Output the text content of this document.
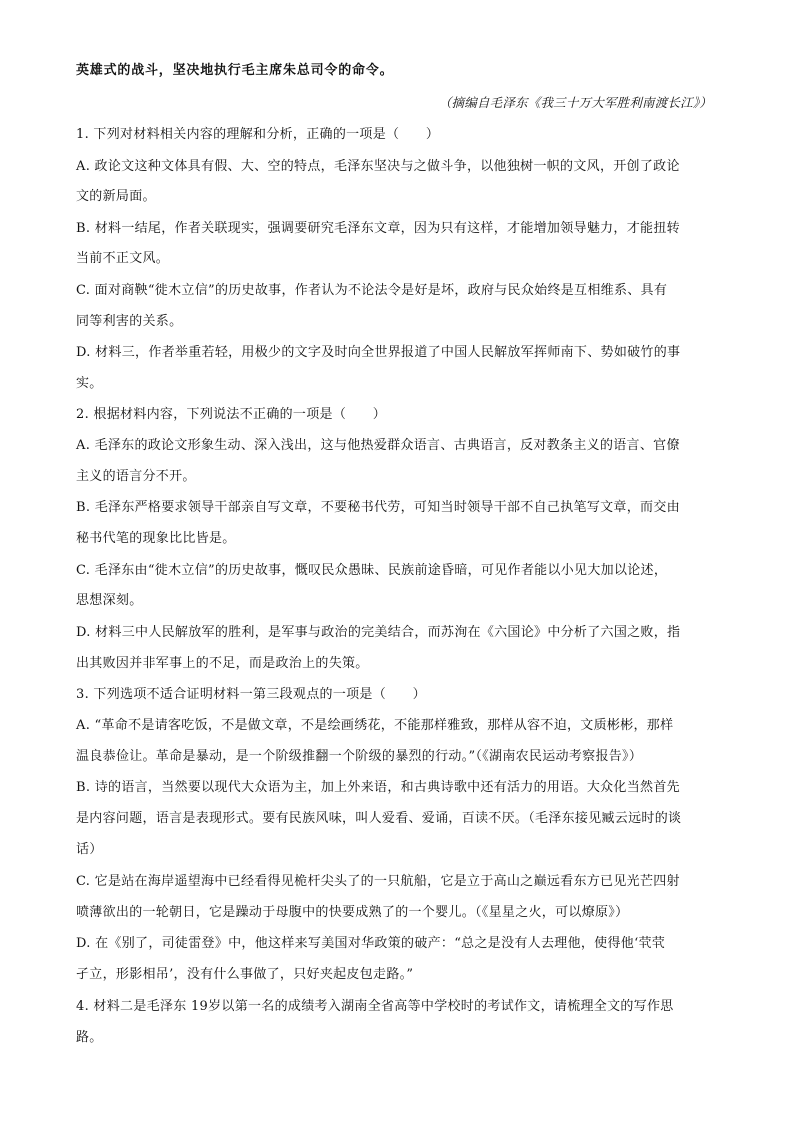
英雄式的战斗，坚决地执行毛主席朱总司令的命令。
（摘编自毛泽东《我三十万大军胜利南渡长江》）
1. 下列对材料相关内容的理解和分析，正确的一项是（　　）
A. 政论文这种文体具有假、大、空的特点，毛泽东坚决与之做斗争，以他独树一帜的文风，开创了政论
文的新局面。
B. 材料一结尾，作者关联现实，强调要研究毛泽东文章，因为只有这样，才能增加领导魅力，才能扭转
当前不正文风。
C. 面对商鞅“徙木立信”的历史故事，作者认为不论法令是好是坏，政府与民众始终是互相维系、具有
同等利害的关系。
D. 材料三，作者举重若轻，用极少的文字及时向全世界报道了中国人民解放军挥师南下、势如破竹的事
实。
2. 根据材料内容，下列说法不正确的一项是（　　）
A. 毛泽东的政论文形象生动、深入浅出，这与他热爱群众语言、古典语言，反对教条主义的语言、官僚
主义的语言分不开。
B. 毛泽东严格要求领导干部亲自写文章，不要秘书代劳，可知当时领导干部不自己执笔写文章，而交由
秘书代笔的现象比比皆是。
C. 毛泽东由“徙木立信”的历史故事，慨叹民众愚昧、民族前途昏暗，可见作者能以小见大加以论述，
思想深刻。
D. 材料三中人民解放军的胜利，是军事与政治的完美结合，而苏洵在《六国论》中分析了六国之败，指
出其败因并非军事上的不足，而是政治上的失策。
3. 下列选项不适合证明材料一第三段观点的一项是（　　）
A. “革命不是请客吃饭，不是做文章，不是绘画绣花，不能那样雅致，那样从容不迫，文质彬彬，那样
温良恭俭让。革命是暴动，是一个阶级推翻一个阶级的暴烈的行动。”（《湖南农民运动考察报告》）
B. 诗的语言，当然要以现代大众语为主，加上外来语，和古典诗歌中还有活力的用语。大众化当然首先
是内容问题，语言是表现形式。要有民族风味，叫人爱看、爱诵，百读不厌。（毛泽东接见臧云远时的谈
话）
C. 它是站在海岸遥望海中已经看得见桅杆尖头了的一只航船，它是立于高山之巅远看东方已见光芒四射
喷薄欲出的一轮朝日，它是躁动于母腹中的快要成熟了的一个婴儿。（《星星之火，可以燎原》）
D. 在《别了，司徒雷登》中，他这样来写美国对华政策的破产：“总之是没有人去理他，使得他‘茕茕
孑立，形影相吊’，没有什么事做了，只好夹起皮包走路。”
4. 材料二是毛泽东 19岁以第一名的成绩考入湖南全省高等中学校时的考试作文，请梳理全文的写作思
路。
